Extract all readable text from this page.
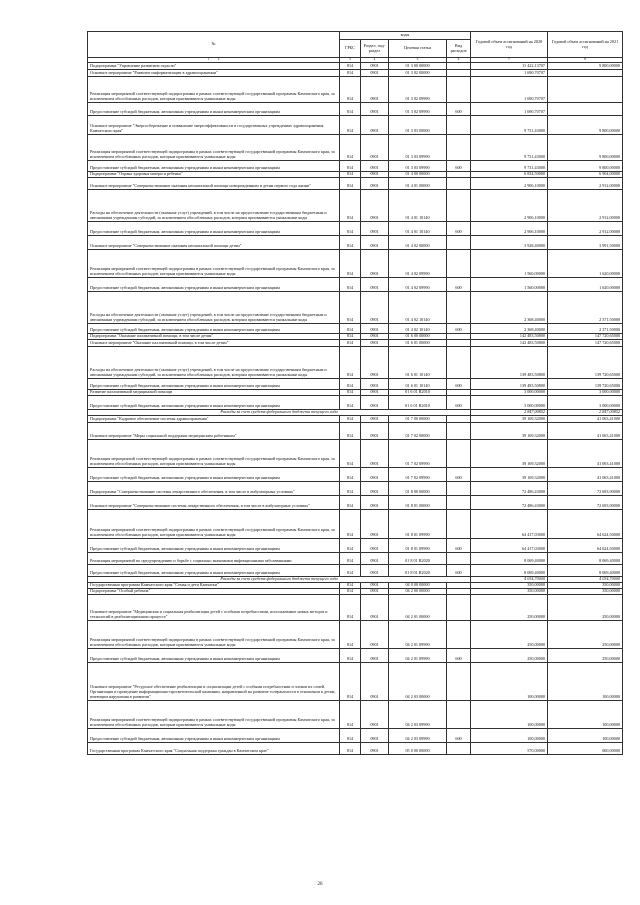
№	коды				Годовой объем ассигнований на 2020 год	Годовой объем ассигнований на 2021 год
	ГРБС	Раздел, под-раздел	Целевая статья	Вид расходов		
1 2	3	4	5	6	7	8
Подпрограмма "Управление развитием отрасли"	814	0901	01 3 00 00000		11 422,13707	9 800,00000
Основное мероприятие "Развитие информатизации в здравоохранении"	814	0901	01 3 02 00000		1 690,70707	
Реализация мероприятий соответствующей подпрограммы в рамках соответствующей государственной программы Камчатского края, за исключением обособленных расходов, которым присваиваются уникальные коды	814	0901	01 3 02 09990		1 690,70707	
Предоставление субсидий бюджетным, автономным учреждениям и иным некоммерческим организациям	814	0901	01 3 02 09990	600	1 690,70707	
Основное мероприятие "Энергосбережение и повышение энергоэффективности в государственных учреждениях здравоохранения Камчатского края"	814	0901	01 3 03 00000		9 731,43000	9 800,00000
Реализация мероприятий соответствующей подпрограммы в рамках соответствующей государственной программы Камчатского края, за исключением обособленных расходов, которым присваиваются уникальные коды	814	0901	01 3 03 09990		9 731,43000	9 800,00000
Предоставление субсидий бюджетным, автономным учреждениям и иным некоммерческим организациям	814	0901	01 3 03 09990	600	9 731,43000	9 800,00000
Подпрограмма "Охрана здоровья матери и ребенка"	814	0901	01 4 00 00000		6 834,50000	6 904,00000
Основное мероприятие "Совершенствование оказания неонатальной помощи новорожденным и детям первого года жизни"	814	0901	01 4 01 00000		2 906,10000	2 912,00000
Расходы на обеспечение деятельности (оказание услуг) учреждений, в том числе на предоставление государственным бюджетным и автономным учреждениям субсидий, за исключением обособленных расходов, которым присваиваются уникальные коды	814	0901	01 4 01 10140		2 906,10000	2 912,00000
Предоставление субсидий бюджетным, автономным учреждениям и иным некоммерческим организациям	814	0901	01 4 01 10140	600	2 906,10000	2 912,00000
Основное мероприятие "Совершенствование оказания неонатальной помощи детям"	814	0901	01 4 02 00000		3 928,40000	3 991,50000
Реализация мероприятий соответствующей подпрограммы в рамках соответствующей государственной программы Камчатского края, за исключением обособленных расходов, которым присваиваются уникальные коды	814	0901	01 4 02 09990		1 560,00000	1 620,00000
Предоставление субсидий бюджетным, автономным учреждениям и иным некоммерческим организациям	814	0901	01 4 02 09990	600	1 560,00000	1 620,00000
Расходы на обеспечение деятельности (оказание услуг) учреждений, в том числе на предоставление государственным бюджетным и автономным учреждениям субсидий, за исключением обособленных расходов, которым присваиваются уникальные коды	814	0901	01 4 02 10140		2 368,40000	2 371,50000
Предоставление субсидий бюджетным, автономным учреждениям и иным некоммерческим организациям	814	0901	01 4 02 10140	600	2 368,40000	2 371,50000
Подпрограмма "Оказание паллиативной помощи, в том числе детям"	814	0901	01 6 00 00000		142 483,50800	147 720,65000
Основное мероприятие "Оказание паллиативной помощи, в том числе детям"	814	0901	01 6 01 00000		142 483,50800	147 720,65000
Расходы на обеспечение деятельности (оказание услуг) учреждений, в том числе на предоставление государственным бюджетным и автономным учреждениям субсидий, за исключением обособленных расходов, которым присваиваются уникальные коды	814	0901	01 6 01 10140		139 483,50800	139 720,65000
Предоставление субсидий бюджетным, автономным учреждениям и иным некоммерческим организациям	814	0901	01 6 01 10140	600	139 483,50800	139 720,65000
Развитие паллиативной медицинской помощи	814	0901	01 6 01 R2010		3 000,00000	3 000,00000
Предоставление субсидий бюджетным, автономным учреждениям и иным некоммерческим организациям	814	0901	01 6 01 R2010	600	3 000,00000	3 000,00000
Расходы за счет средств федерального бюджета текущего года					2 847,00852	2 847,00852
Подпрограмма "Кадровое обеспечение системы здравоохранения"	814	0901	01 7 00 00000		39 169,32000	41 063,41000
Основное мероприятие "Меры социальной поддержки медицинским работникам"	814	0901	01 7 02 00000		39 169,32000	41 063,41000
Реализация мероприятий соответствующей подпрограммы в рамках соответствующей государственной программы Камчатского края, за исключением обособленных расходов, которым присваиваются уникальные коды	814	0901	01 7 02 09990		39 169,32000	41 063,41000
Предоставление субсидий бюджетным, автономным учреждениям и иным некоммерческим организациям	814	0901	01 7 02 09990	600	39 169,32000	41 063,41000
Подпрограмма "Совершенствование системы лекарственного обеспечения, в том числе в амбулаторных условиях"	814	0901	01 8 00 00000		72 486,43000	72 693,90000
Основное мероприятие "Совершенствование системы лекарственного обеспечения, в том числе в амбулаторных условиях"	814	0901	01 8 01 00000		72 486,43000	72 693,90000
Реализация мероприятий соответствующей подпрограммы в рамках соответствующей государственной программы Камчатского края, за исключением обособленных расходов, которым присваиваются уникальные коды	814	0901	01 8 01 09990		64 417,03000	64 624,50000
Предоставление субсидий бюджетным, автономным учреждениям и иным некоммерческим организациям	814	0901	01 8 01 09990	600	64 417,03000	64 624,50000
Реализация мероприятий по предупреждению и борьбе с социально значимыми инфекционными заболеваниями	814	0901	01 8 01 R2020		8 069,40000	8 069,40000
Предоставление субсидий бюджетным, автономным учреждениям и иным некоммерческим организациям	814	0901	01 8 01 R2020	600	8 069,40000	8 069,40000
Расходы за счет средств федерального бюджета текущего года					4 034,70000	4 034,70000
Государственная программа Камчатского края "Семья и дети Камчатки"	814	0901	04 0 00 00000		350,00000	350,00000
Подпрограмма "Особый ребенок"	814	0901	04 2 00 00000		350,00000	350,00000
Основное мероприятие "Медицинская и социальная реабилитация детей с особыми потребностями, использование новых методов и технологий в реабилитационном процессе"	814	0901	04 2 01 00000		250,00000	250,00000
Реализация мероприятий соответствующей подпрограммы в рамках соответствующей государственной программы Камчатского края, за исключением обособленных расходов, которым присваиваются уникальные коды	814	0901	04 2 01 09990		250,00000	250,00000
Предоставление субсидий бюджетным, автономным учреждениям и иным некоммерческим организациям	814	0901	04 2 01 09990	600	250,00000	250,00000
Основное мероприятие "Ресурсное обеспечение реабилитации и социализации детей с особыми потребностями и членов их семей. Организация и проведение информационно-просветительской кампании, направленной на развитие толерантности в отношении к детям, имеющим нарушения в развитии"	814	0901	04 2 03 00000		100,00000	100,00000
Реализация мероприятий соответствующей подпрограммы в рамках соответствующей государственной программы Камчатского края, за исключением обособленных расходов, которым присваиваются уникальные коды	814	0901	04 2 03 09990		100,00000	100,00000
Предоставление субсидий бюджетным, автономным учреждениям и иным некоммерческим организациям	814	0901	04 2 03 09990	600	100,00000	100,00000
Государственная программа Камчатского края "Социальная поддержка граждан в Камчатском крае"	814	0901	05 0 00 00000		570,00000	600,00000
26
